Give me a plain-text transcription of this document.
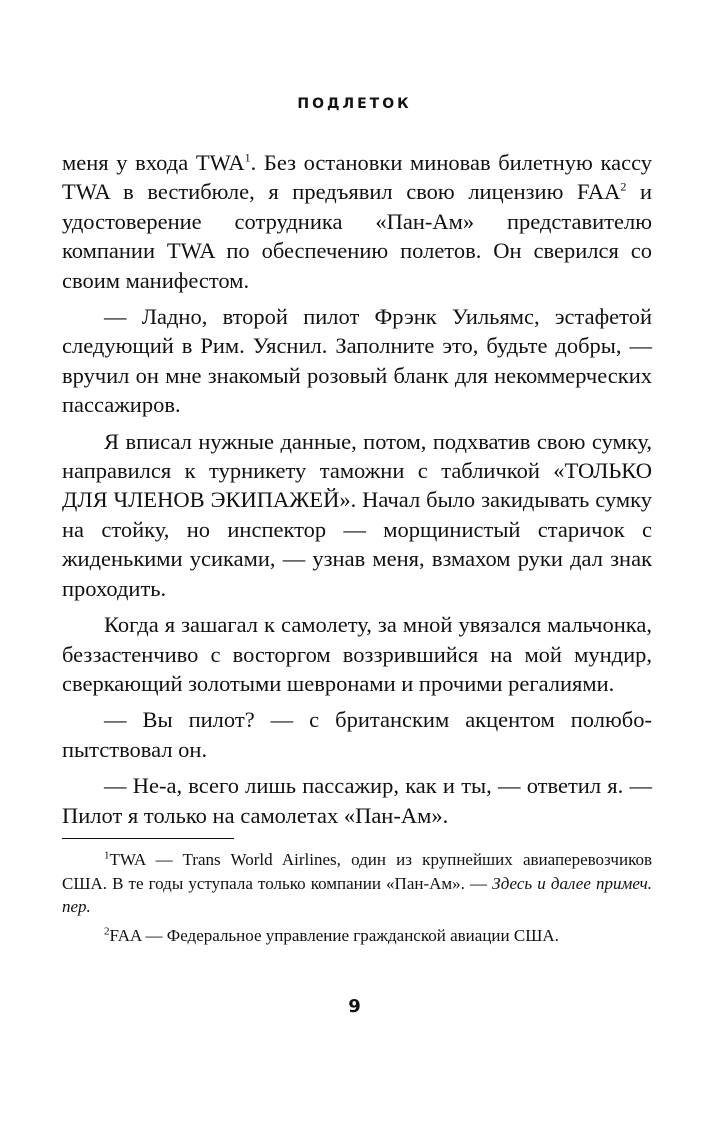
ПОДЛЕТОК

меня у входа TWA$^1$. Без остановки миновав билетную кассу TWA в вестибюле, я предъявил свою лицензию FAA$^2$ и удостоверение сотрудника «Пан-Ам» представителю компании TWA по обеспечению полетов. Он сверился со своим манифестом.

— Ладно, второй пилот Фрэнк Уильямс, эстафетой следующий в Рим. Уяснил. Заполните это, будьте добры, — вручил он мне знакомый розовый бланк для некоммерческих пассажиров.

Я вписал нужные данные, потом, подхватив свою сумку, направился к турникету таможни с табличкой «ТОЛЬКО ДЛЯ ЧЛЕНОВ ЭКИПАЖЕЙ». Начал было закидывать сумку на стойку, но инспектор — морщинистый старичок с жиденькими усиками, — узнав меня, взмахом руки дал знак проходить.

Когда я зашагал к самолету, за мной увязался мальчонка, беззастенчиво с восторгом воззрившийся на мой мундир, сверкающий золотыми шевронами и прочими регалиями.

— Вы пилот? — с британским акцентом полюбопытствовал он.

— Не-а, всего лишь пассажир, как и ты, — ответил я. — Пилот я только на самолетах «Пан-Ам».

$^1$TWA — Trans World Airlines, один из крупнейших авиаперевозчиков США. В те годы уступала только компании «Пан-Ам». — Здесь и далее примеч. пер.

$^2$FAA — Федеральное управление гражданской авиации США.

9
